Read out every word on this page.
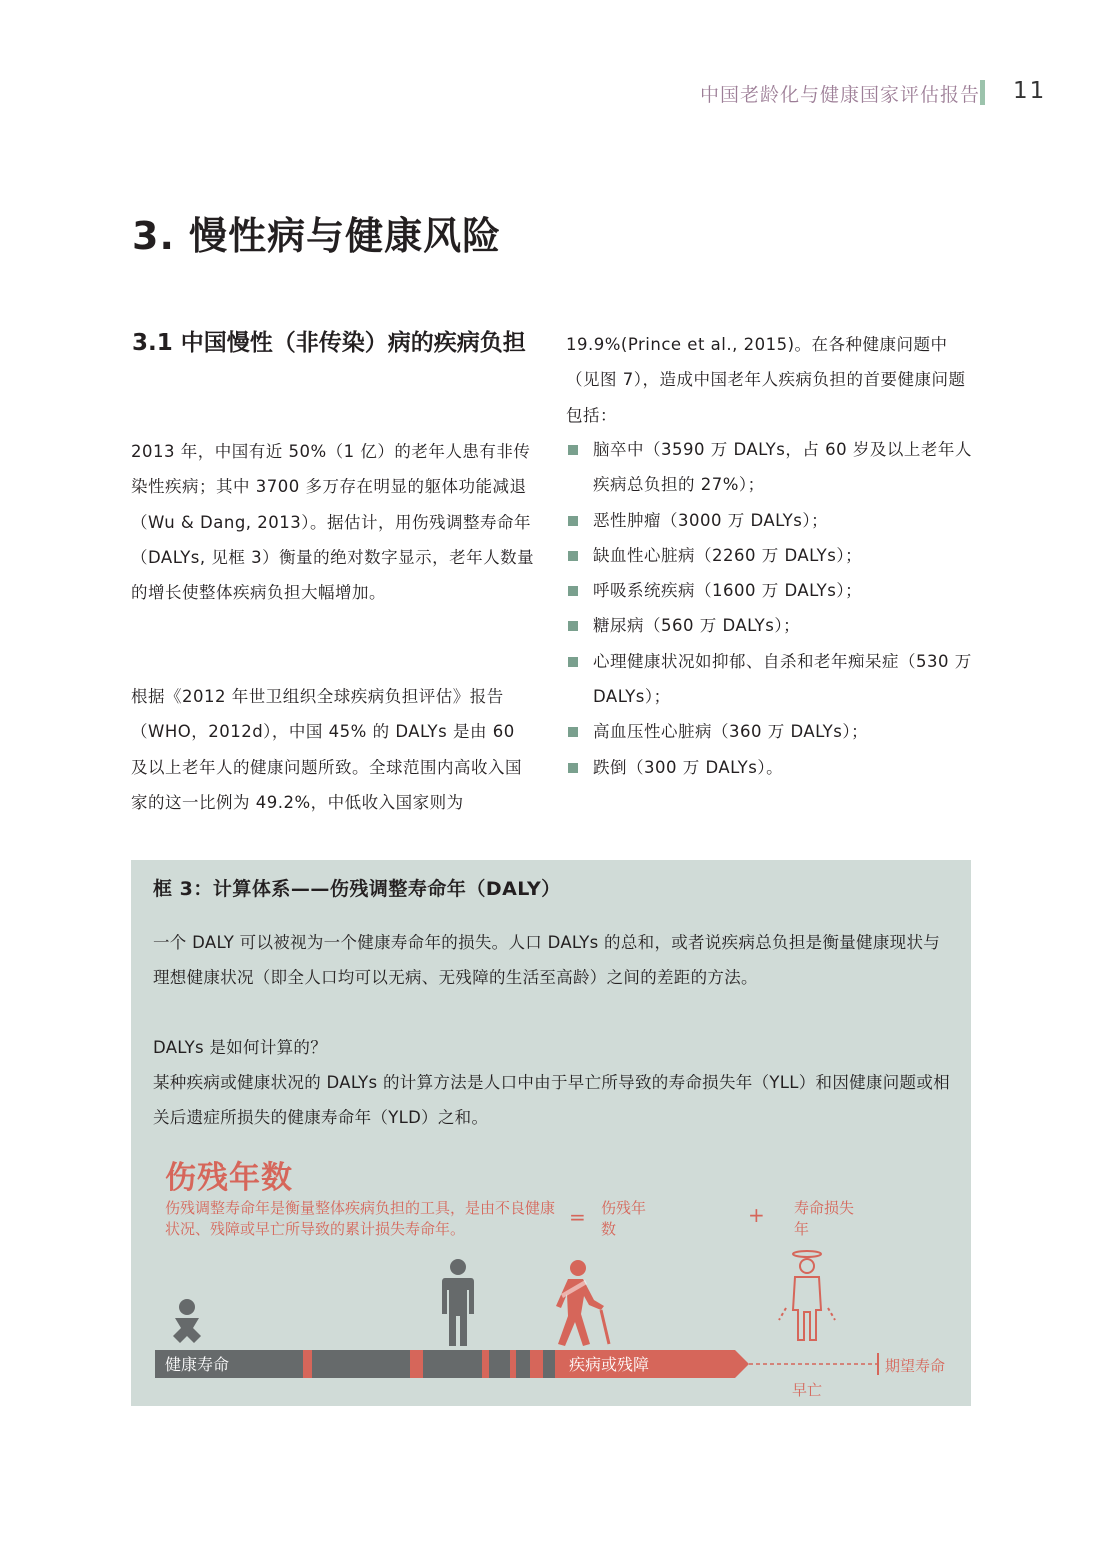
中国老龄化与健康国家评估报告 11
3. 慢性病与健康风险
3.1 中国慢性（非传染）病的疾病负担
2013 年，中国有近 50%（1 亿）的老年人患有非传染性疾病；其中 3700 多万存在明显的躯体功能减退（Wu & Dang, 2013）。据估计，用伤残调整寿命年（DALYs, 见框 3）衡量的绝对数字显示，老年人数量的增长使整体疾病负担大幅增加。
根据《2012 年世卫组织全球疾病负担评估》报告（WHO，2012d），中国 45% 的 DALYs 是由 60 及以上老年人的健康问题所致。全球范围内高收入国家的这一比例为 49.2%，中低收入国家则为
19.9%(Prince et al., 2015)。在各种健康问题中（见图 7），造成中国老年人疾病负担的首要健康问题包括：
脑卒中（3590 万 DALYs，占 60 岁及以上老年人疾病总负担的 27%）；
恶性肿瘤（3000 万 DALYs）；
缺血性心脏病（2260 万 DALYs）；
呼吸系统疾病（1600 万 DALYs）；
糖尿病（560 万 DALYs）；
心理健康状况如抑郁、自杀和老年痴呆症（530 万 DALYs）；
高血压性心脏病（360 万 DALYs）；
跌倒（300 万 DALYs）。
框 3：计算体系——伤残调整寿命年（DALY）
一个 DALY 可以被视为一个健康寿命年的损失。人口 DALYs 的总和，或者说疾病总负担是衡量健康现状与理想健康状况（即全人口均可以无病、无残障的生活至高龄）之间的差距的方法。
DALYs 是如何计算的？
某种疾病或健康状况的 DALYs 的计算方法是人口中由于早亡所导致的寿命损失年（YLL）和因健康问题或相关后遗症所损失的健康寿命年（YLD）之和。
伤残年数
伤残调整寿命年是衡量整体疾病负担的工具，是由不良健康状况、残障或早亡所导致的累计损失寿命年。	= 伤残年数
+ 寿命损失年
健康寿命	疾病或残障
早亡
期望寿命
